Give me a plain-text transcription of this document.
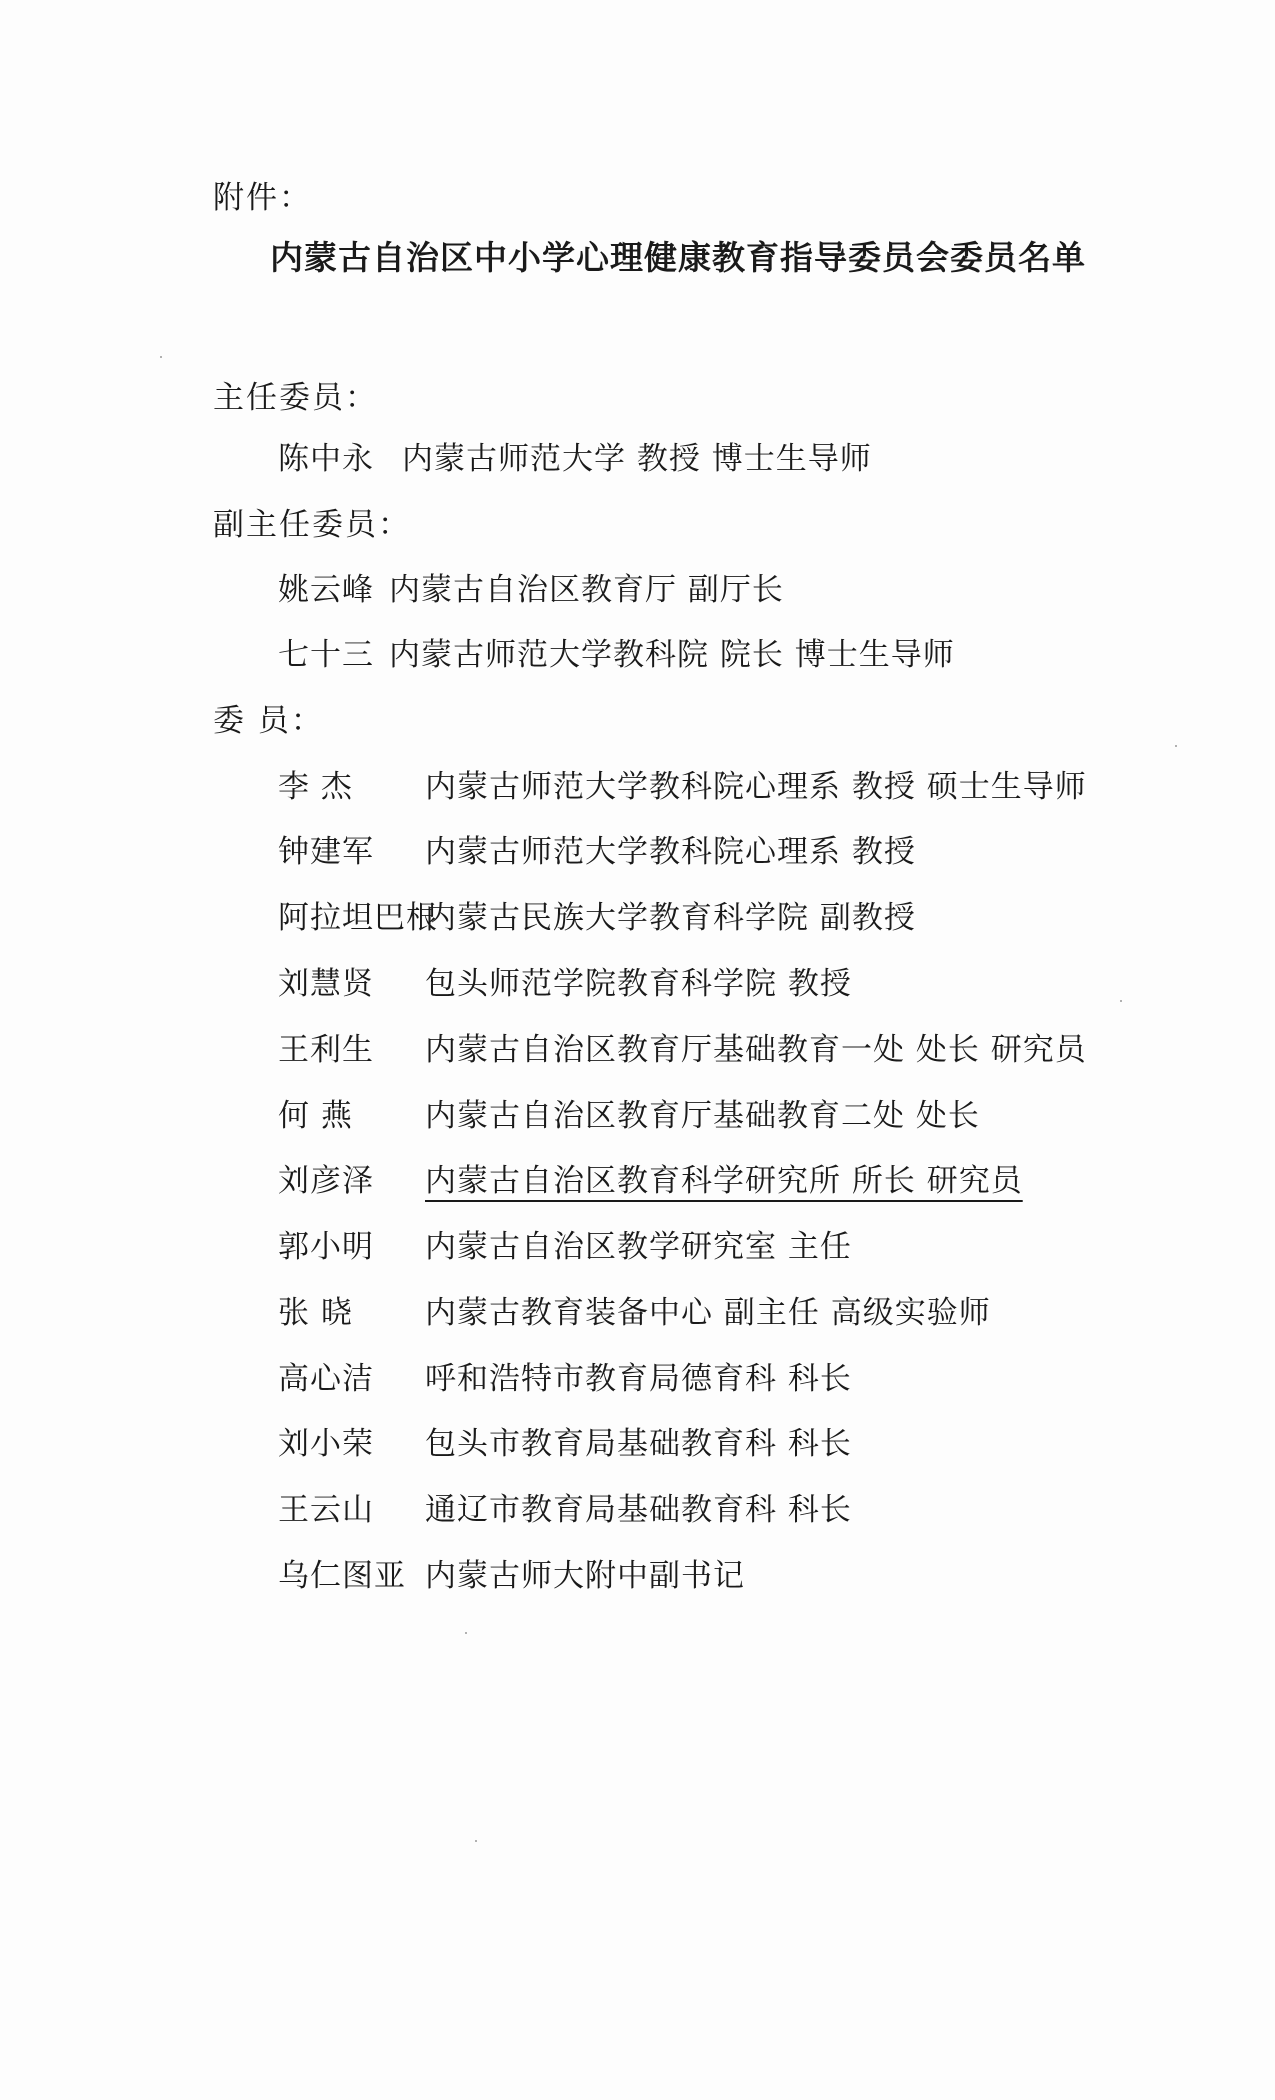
附件：
内蒙古自治区中小学心理健康教育指导委员会委员名单
主任委员：
陈中永 内蒙古师范大学 教授 博士生导师
副主任委员：
姚云峰 内蒙古自治区教育厅 副厅长
七十三 内蒙古师范大学教科院 院长 博士生导师
委 员：
李 杰 内蒙古师范大学教科院心理系 教授 硕士生导师
钟建军 内蒙古师范大学教科院心理系 教授
阿拉坦巴根内蒙古民族大学教育科学院 副教授
刘慧贤 包头师范学院教育科学院 教授
王利生 内蒙古自治区教育厅基础教育一处 处长 研究员
何 燕 内蒙古自治区教育厅基础教育二处 处长
刘彦泽 内蒙古自治区教育科学研究所 所长 研究员
郭小明 内蒙古自治区教学研究室 主任
张 晓 内蒙古教育装备中心 副主任 高级实验师
高心洁 呼和浩特市教育局德育科 科长
刘小荣 包头市教育局基础教育科 科长
王云山 通辽市教育局基础教育科 科长
乌仁图亚 内蒙古师大附中副书记
